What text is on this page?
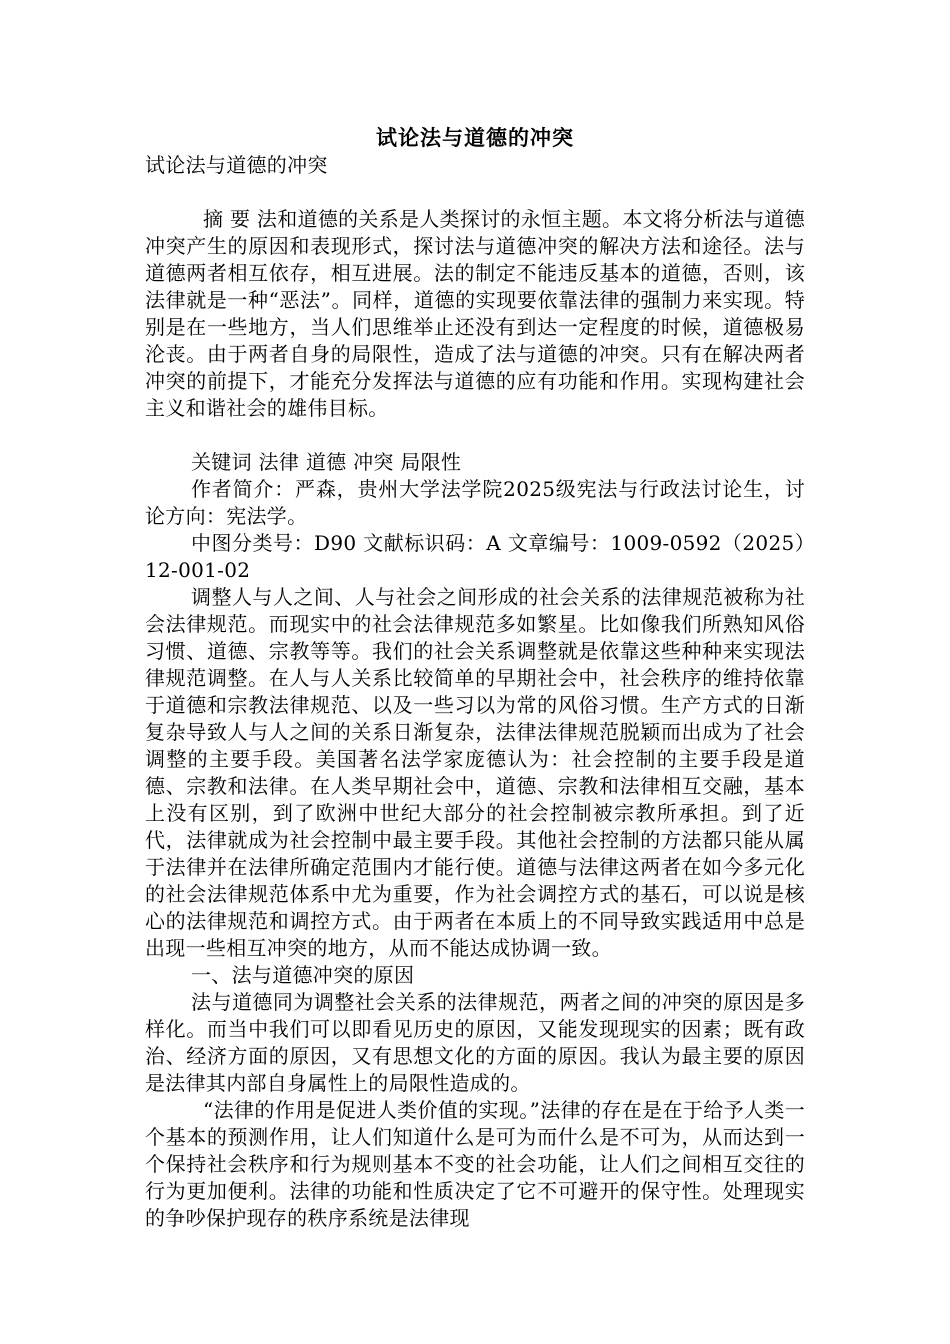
试论法与道德的冲突

试论法与道德的冲突

摘 要 法和道德的关系是人类探讨的永恒主题。本文将分析法与道德冲突产生的原因和表现形式，探讨法与道德冲突的解决方法和途径。法与道德两者相互依存，相互进展。法的制定不能违反基本的道德，否则，该法律就是一种“恶法”。同样，道德的实现要依靠法律的强制力来实现。特别是在一些地方，当人们思维举止还没有到达一定程度的时候，道德极易沦丧。由于两者自身的局限性，造成了法与道德的冲突。只有在解决两者冲突的前提下，才能充分发挥法与道德的应有功能和作用。实现构建社会主义和谐社会的雄伟目标。

关键词 法律 道德 冲突 局限性

作者简介：严森，贵州大学法学院2025级宪法与行政法讨论生，讨论方向：宪法学。

中图分类号：D90 文献标识码：A 文章编号：1009-0592（2025）12-001-02

调整人与人之间、人与社会之间形成的社会关系的法律规范被称为社会法律规范。而现实中的社会法律规范多如繁星。比如像我们所熟知风俗习惯、道德、宗教等等。我们的社会关系调整就是依靠这些种种来实现法律规范调整。在人与人关系比较简单的早期社会中，社会秩序的维持依靠于道德和宗教法律规范、以及一些习以为常的风俗习惯。生产方式的日渐复杂导致人与人之间的关系日渐复杂，法律法律规范脱颖而出成为了社会调整的主要手段。美国著名法学家庞德认为：社会控制的主要手段是道德、宗教和法律。在人类早期社会中，道德、宗教和法律相互交融，基本上没有区别，到了欧洲中世纪大部分的社会控制被宗教所承担。到了近代，法律就成为社会控制中最主要手段。其他社会控制的方法都只能从属于法律并在法律所确定范围内才能行使。道德与法律这两者在如今多元化的社会法律规范体系中尤为重要，作为社会调控方式的基石，可以说是核心的法律规范和调控方式。由于两者在本质上的不同导致实践适用中总是出现一些相互冲突的地方，从而不能达成协调一致。

一、法与道德冲突的原因

法与道德同为调整社会关系的法律规范，两者之间的冲突的原因是多样化。而当中我们可以即看见历史的原因，又能发现现实的因素；既有政治、经济方面的原因，又有思想文化的方面的原因。我认为最主要的原因是法律其内部自身属性上的局限性造成的。

“法律的作用是促进人类价值的实现。”法律的存在是在于给予人类一个基本的预测作用，让人们知道什么是可为而什么是不可为，从而达到一个保持社会秩序和行为规则基本不变的社会功能，让人们之间相互交往的行为更加便利。法律的功能和性质决定了它不可避开的保守性。处理现实的争吵保护现存的秩序系统是法律现
